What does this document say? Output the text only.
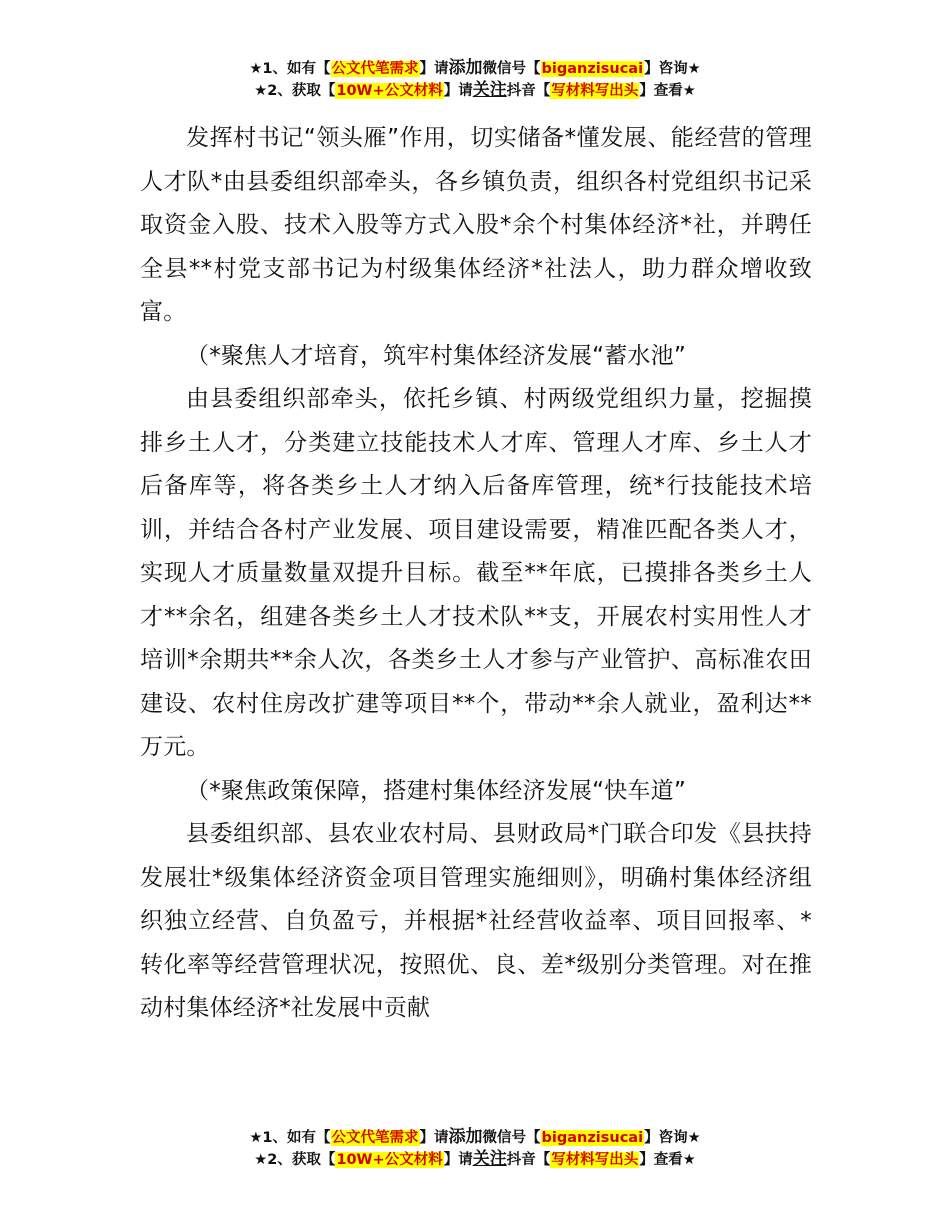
★1、如有【公文代笔需求】请添加微信号【biganzisucai】咨询★
★2、获取【10W+公文材料】请关注抖音【写材料写出头】查看★

发挥村书记“领头雁”作用，切实储备*懂发展、能经营的管理人才队*由县委组织部牵头，各乡镇负责，组织各村党组织书记采取资金入股、技术入股等方式入股*余个村集体经济*社，并聘任全县**村党支部书记为村级集体经济*社法人，助力群众增收致富。

（*聚焦人才培育，筑牢村集体经济发展“蓄水池”

由县委组织部牵头，依托乡镇、村两级党组织力量，挖掘摸排乡土人才，分类建立技能技术人才库、管理人才库、乡土人才后备库等，将各类乡土人才纳入后备库管理，统*行技能技术培训，并结合各村产业发展、项目建设需要，精准匹配各类人才，实现人才质量数量双提升目标。截至**年底，已摸排各类乡土人才**余名，组建各类乡土人才技术队**支，开展农村实用性人才培训*余期共**余人次，各类乡土人才参与产业管护、高标准农田建设、农村住房改扩建等项目**个，带动**余人就业，盈利达**万元。

（*聚焦政策保障，搭建村集体经济发展“快车道”

县委组织部、县农业农村局、县财政局*门联合印发《县扶持发展壮*级集体经济资金项目管理实施细则》，明确村集体经济组织独立经营、自负盈亏，并根据*社经营收益率、项目回报率、*转化率等经营管理状况，按照优、良、差*级别分类管理。对在推动村集体经济*社发展中贡献

★1、如有【公文代笔需求】请添加微信号【biganzisucai】咨询★
★2、获取【10W+公文材料】请关注抖音【写材料写出头】查看★
